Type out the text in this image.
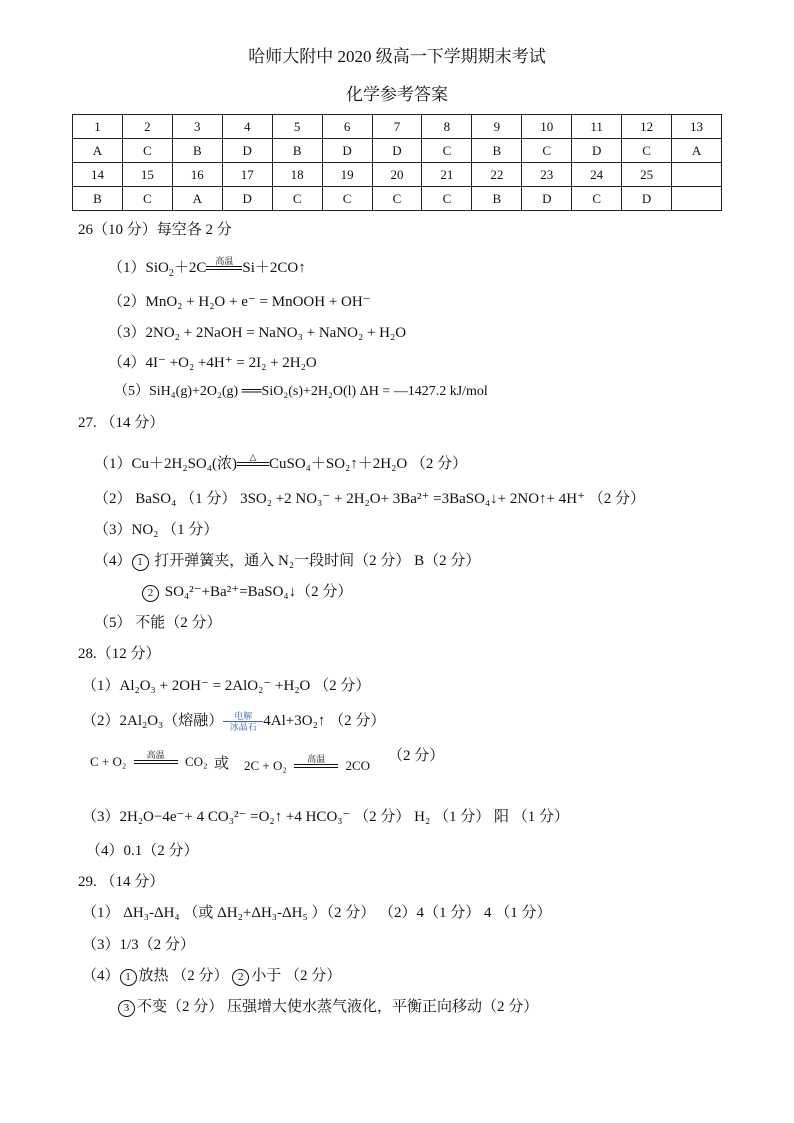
哈师大附中 2020 级高一下学期期末考试
化学参考答案
1	2	3	4	5	6	7	8	9	10	11	12	13
A	C	B	D	B	D	D	C	B	C	D	C	A
14	15	16	17	18	19	20	21	22	23	24	25	
B	C	A	D	C	C	C	C	B	D	C	D	
26（10 分）每空各 2 分
（1）SiO$_2$＋2C 高温 Si＋2CO↑
（2）MnO₂ + H₂O + e⁻ = MnOOH + OH⁻
（3）2NO₂ + 2NaOH = NaNO₃ + NaNO₂ + H₂O
（4）4I⁻ +O₂ +4H⁺ = 2I₂ + 2H₂O
（5）SiH₄(g)+2O₂(g) ══SiO₂(s)+2H₂O(l) ΔH = —1427.2 kJ/mol
27. （14 分）
（1）Cu＋2H₂SO₄(浓)	△ CuSO₄＋SO₂↑＋2H₂O （2 分）
（2） BaSO₄ （1 分） 3SO₂ +2 NO₃⁻ + 2H₂O+ 3Ba²⁺ =3BaSO₄↓+ 2NO↑+ 4H⁺ （2 分）
（3）NO₂ （1 分）
（4） 1 打开弹簧夹，通入 N₂一段时间（2 分） B（2 分）
2 SO₄²⁻+Ba²⁺=BaSO₄↓（2 分）
（5） 不能（2 分）
28.（12 分）
（1）Al₂O₃ + 2OH⁻ = 2AlO₂⁻ +H₂O （2 分）
（2）2Al₂O₃（熔融）	电解
冰晶石 4Al+3O₂↑ （2 分）
C + O₂	高温	CO₂ 或 2C + O₂	高温	2CO
（2 分）
（3）2H₂O−4e⁻+ 4 CO₃²⁻ =O₂↑ +4 HCO₃⁻ （2 分） H₂ （1 分） 阳 （1 分）
（4）0.1（2 分）
29. （14 分）
（1） ΔH₃-ΔH₄ （或 ΔH₂+ΔH₃-ΔH₅ ）（2 分） （2）4（1 分） 4 （1 分）
（3）1/3（2 分）
（4） 1 放热 （2 分） 2 小于 （2 分）
3 不变（2 分） 压强增大使水蒸气液化，平衡正向移动（2 分）
